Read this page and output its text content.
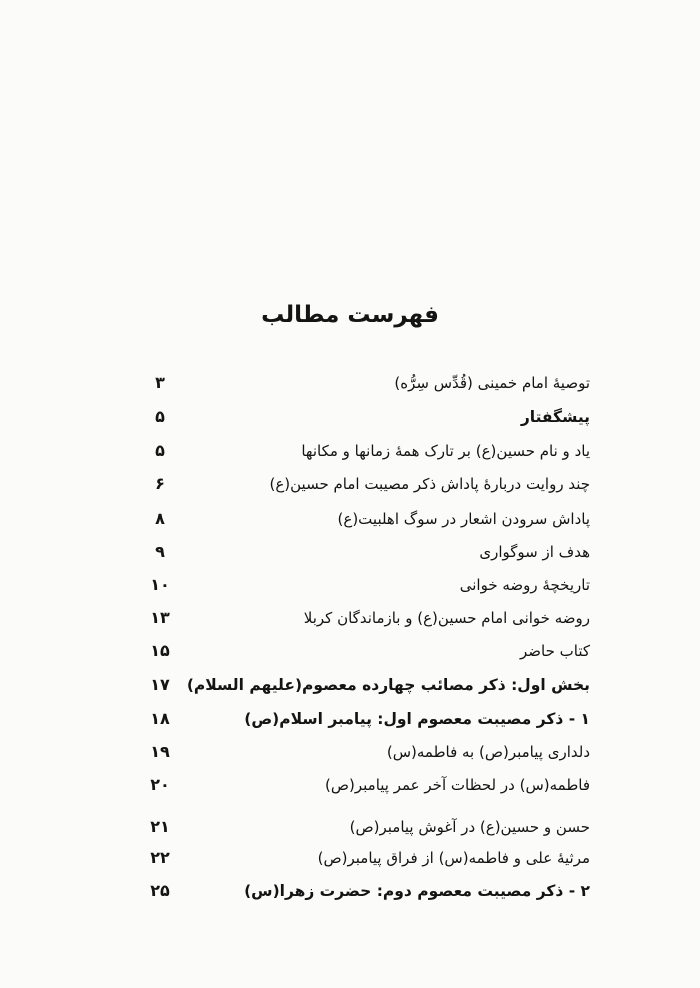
فهرست مطالب
توصیهٔ امام خمینی (قُدِّس سِرُّه)
۳
پیشگفتار
۵
یاد و نام حسین(ع) بر تارک همهٔ زمانها و مکانها
۵
چند روایت دربارهٔ پاداش ذکر مصیبت امام حسین(ع)
۶
پاداش سرودن اشعار در سوگ اهلبیت(ع)
۸
هدف از سوگواری
۹
تاریخچهٔ روضه خوانی
۱۰
روضه خوانی امام حسین(ع) و بازماندگان کربلا
۱۳
کتاب حاضر
۱۵
بخش اول: ذکر مصائب چهارده معصوم(علیهم السلام)
۱۷
۱ - ذکر مصیبت معصوم اول: پیامبر اسلام(ص)
۱۸
دلداری پیامبر(ص) به فاطمه(س)
۱۹
فاطمه(س) در لحظات آخر عمر پیامبر(ص)
۲۰
حسن و حسین(ع) در آغوش پیامبر(ص)
۲۱
مرثیهٔ علی و فاطمه(س) از فراق پیامبر(ص)
۲۲
۲ - ذکر مصیبت معصوم دوم: حضرت زهرا(س)
۲۵
